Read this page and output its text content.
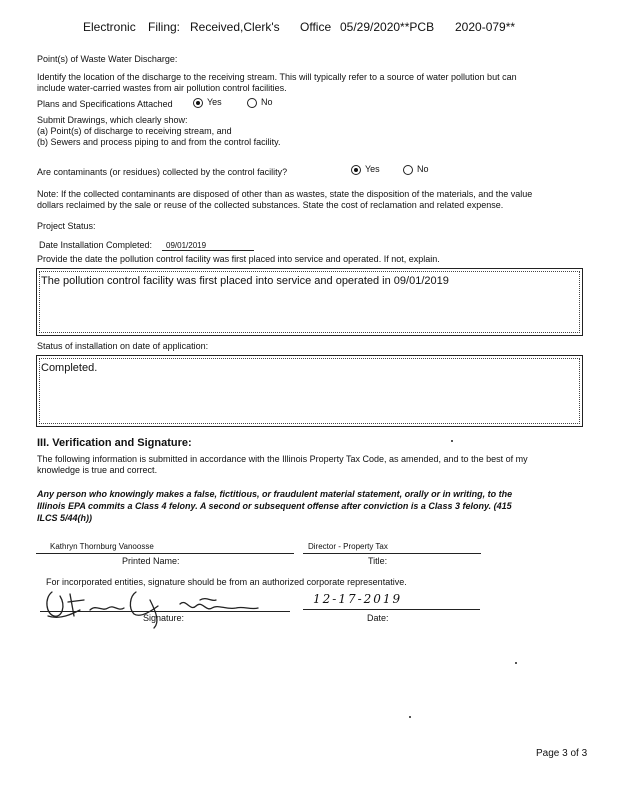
Electronic Filing: Received,Clerk's Office 05/29/2020**PCB 2020-079**
Point(s) of Waste Water Discharge:
Identify the location of the discharge to the receiving stream. This will typically refer to a source of water pollution but can
include water-carried wastes from air pollution control facilities.
Plans and Specifications Attached	Yes	No
Submit Drawings, which clearly show:
(a) Point(s) of discharge to receiving stream, and
(b) Sewers and process piping to and from the control facility.
Are contaminants (or residues) collected by the control facility?	Yes	No
Note: If the collected contaminants are disposed of other than as wastes, state the disposition of the materials, and the value
dollars reclaimed by the sale or reuse of the collected substances. State the cost of reclamation and related expense.
Project Status:
Date Installation Completed: 09/01/2019
Provide the date the pollution control facility was first placed into service and operated. If not, explain.
The pollution control facility was first placed into service and operated in 09/01/2019
Status of installation on date of application:
Completed.
III. Verification and Signature:
The following information is submitted in accordance with the Illinois Property Tax Code, as amended, and to the best of my
knowledge is true and correct.
Any person who knowingly makes a false, fictitious, or fraudulent material statement, orally or in writing, to the
Illinois EPA commits a Class 4 felony. A second or subsequent offense after conviction is a Class 3 felony. (415
ILCS 5/44(h))
Kathryn Thornburg Vanoosse
Printed Name:
Director - Property Tax
Title:
For incorporated entities, signature should be from an authorized corporate representative.
Signature:
12-17-2019
Date:
Page 3 of 3
